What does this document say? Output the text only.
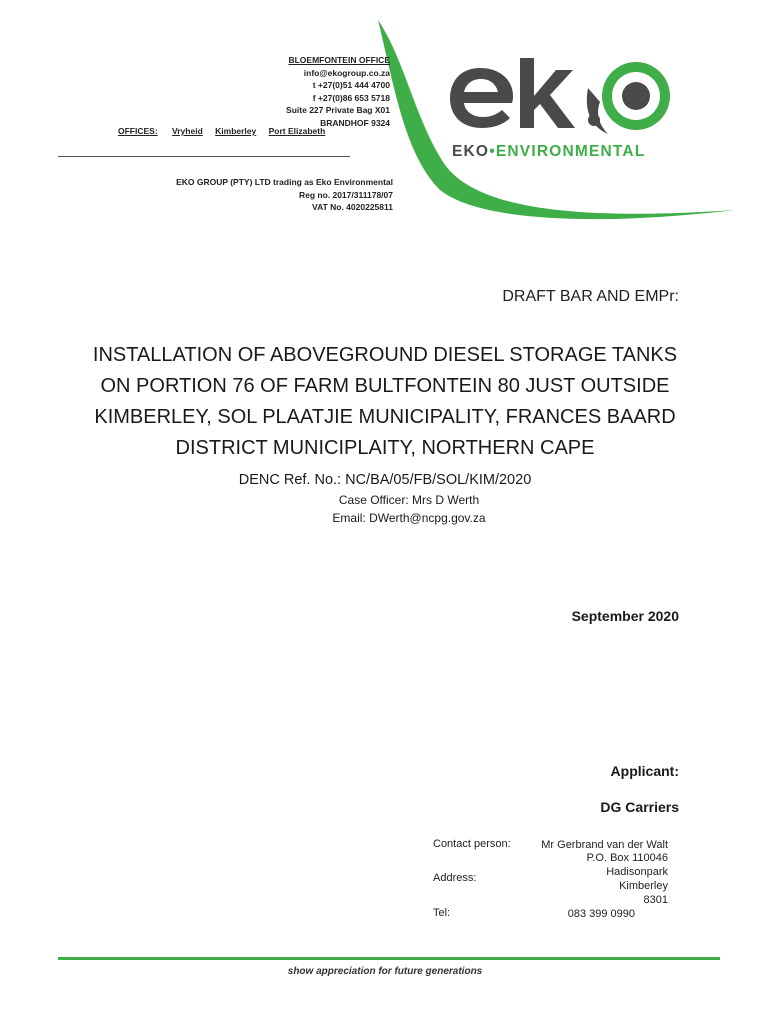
BLOEMFONTEIN OFFICE
info@ekogroup.co.za
t +27(0)51 444 4700
f +27(0)86 653 5718
Suite 227 Private Bag X01
BRANDHOF 9324
OFFICES: Vryheid Kimberley Port Elizabeth
EKO GROUP (PTY) LTD trading as Eko Environmental
Reg no. 2017/311178/07
VAT No. 4020225811
EKO•ENVIRONMENTAL
DRAFT BAR AND EMPr:
INSTALLATION OF ABOVEGROUND DIESEL STORAGE TANKS
ON PORTION 76 OF FARM BULTFONTEIN 80 JUST OUTSIDE
KIMBERLEY, SOL PLAATJIE MUNICIPALITY, FRANCES BAARD
DISTRICT MUNICIPLAITY, NORTHERN CAPE
DENC Ref. No.: NC/BA/05/FB/SOL/KIM/2020
Case Officer: Mrs D Werth
Email: DWerth@ncpg.gov.za
September 2020
Applicant:
DG Carriers
Contact person:	Mr Gerbrand van der Walt
Address:
P.O. Box 110046
Hadisonpark
Kimberley
8301
Tel:	083 399 0990
show appreciation for future generations
